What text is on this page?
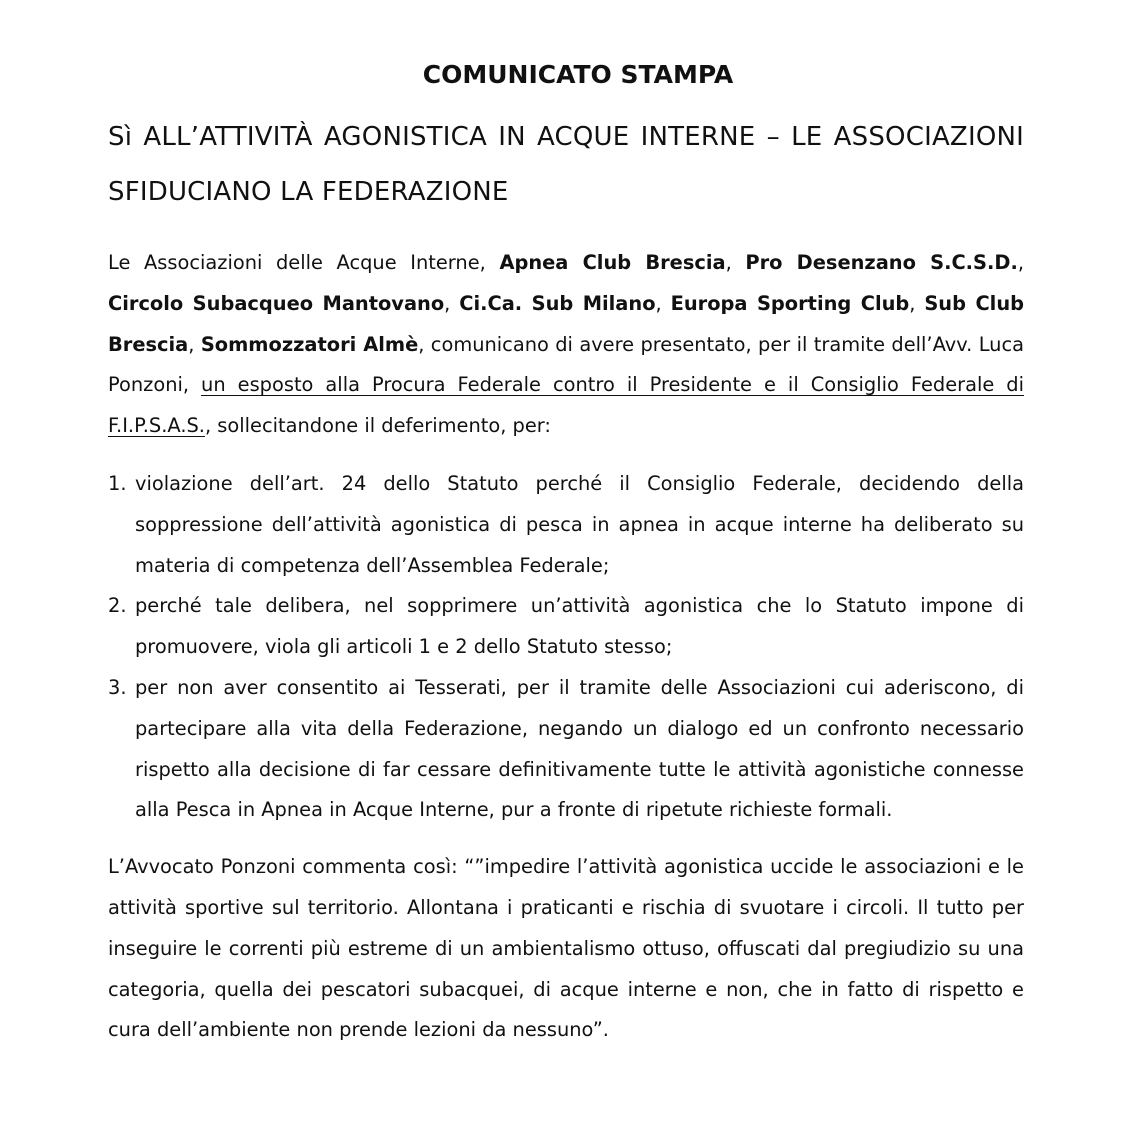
COMUNICATO STAMPA
Sì ALL’ATTIVITÀ AGONISTICA IN ACQUE INTERNE – LE ASSOCIAZIONI SFIDUCIANO LA FEDERAZIONE

Le Associazioni delle Acque Interne, Apnea Club Brescia, Pro Desenzano S.C.S.D., Circolo Subacqueo Mantovano, Ci.Ca. Sub Milano, Europa Sporting Club, Sub Club Brescia, Sommozzatori Almè, comunicano di avere presentato, per il tramite dell’Avv. Luca Ponzoni, un esposto alla Procura Federale contro il Presidente e il Consiglio Federale di F.I.P.S.A.S., sollecitandone il deferimento, per:

1. violazione dell’art. 24 dello Statuto perché il Consiglio Federale, decidendo della soppressione dell’attività agonistica di pesca in apnea in acque interne ha deliberato su materia di competenza dell’Assemblea Federale;
2. perché tale delibera, nel sopprimere un’attività agonistica che lo Statuto impone di promuovere, viola gli articoli 1 e 2 dello Statuto stesso;
3. per non aver consentito ai Tesserati, per il tramite delle Associazioni cui aderiscono, di partecipare alla vita della Federazione, negando un dialogo ed un confronto necessario rispetto alla decisione di far cessare definitivamente tutte le attività agonistiche connesse alla Pesca in Apnea in Acque Interne, pur a fronte di ripetute richieste formali.

L’Avvocato Ponzoni commenta così: “”impedire l’attività agonistica uccide le associazioni e le attività sportive sul territorio. Allontana i praticanti e rischia di svuotare i circoli. Il tutto per inseguire le correnti più estreme di un ambientalismo ottuso, offuscati dal pregiudizio su una categoria, quella dei pescatori subacquei, di acque interne e non, che in fatto di rispetto e cura dell’ambiente non prende lezioni da nessuno”.
